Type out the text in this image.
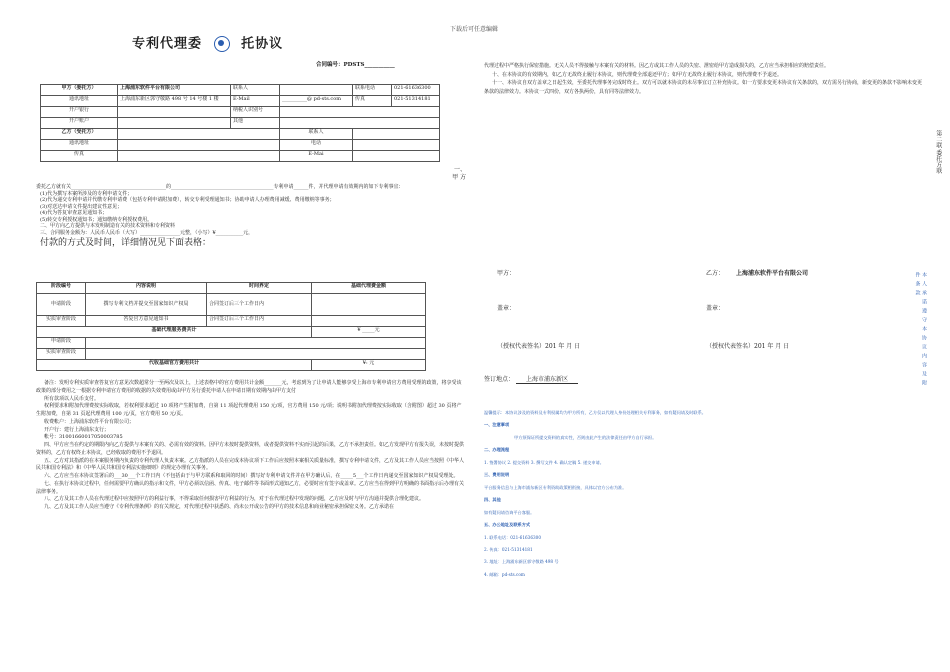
下载后可任意编辑
专利代理委	托协议
合同编号：PDSTS___________
甲方（委托方）	上海浦东软件平台有限公司	联系人		联系电话	021-61636300
通讯地址	上海浦东新区郭守敬路 498 号 14 号楼 1 楼	E-Mail	__________@ pd-sts.com	传真	021-51314181
开户银行		纳税人识别号			
开户账户		其他			
乙方（受托方）			联系人		
通讯地址			电话		
传真			E-Mai		
一、
甲 方
委托乙方就有关______________________________________的_________________________________________专利申请______件，并代理申请有效期内的如下专利事宜：
(1)代为撰写本案所涉及的专利申请文件；
(2)代为递交专利申请并代缴专利申请费（包括专利申请附加费），转交专利受理通知书；协助申请人办理费用减缓、费用缴纳等事务；
(3)对送达申请文件提出建议性意见；
(4)代为答复审查意见通知书；
(5)转交专利授权通知书；通知缴纳专利授权费用。
二、甲方向乙方提供与本发明制造有关的技术资料和专利资料
三、合同服务金额为：人民币人民币（大写）________________元整，（小写）¥___________元，
付款的方式及时间，详细情况见下面表格：
阶段编号	内容说明	时间界定	基础代理费金额
申请阶段	撰写专利文档并提交至国家知识产权局	合同签订后三个工作日内	
实质审查阶段	答复官方意见通知书	合同签订后三个工作日内	
基础代理服务费共计			¥ _____元
申请阶段			
实质审查阶段			
代收基础官方费用共计			¥: 元
备注：发明专利实质审查答复官方意见次数超常分一至两次及以上，上述表格中的官方费用共计金额_______元，考虑到为了让申请人能够享受上海市专利申请官方费用受理的政策，将享受该政策的部分费用之一根据专利申请官方费用的收据的失效费用或由甲方另行委托申请人在申请日期有效期内由甲方支付
所有款项以人民币支付。
权利要求和附加代理费按实际收取，若权利要求超过 10 项将产生附加费，自第 11 项起代理费用 150 元/项，官方费用 150 元/项；说明书附加代理费按实际收取（含附图）超过 30 页将产生附加费，自第 31 页起代理费用 100 元/页，官方费用 50 元/页。
收费帐户：上海浦东软件平台有限公司；
开户行：建行上海浦东支行；
帐号：31001660017050003785
四、甲方应当在约定的期限内向乙方提供与本案有关的、必需有效的资料。因甲方未按时提供资料，或者提供资料不实而引起的后果，乙方不承担责任。如乙方发现甲方有报失误，未按时提供资料的，乙方有权终止本协议，已经收取的费用不予退回。
五、乙方对其指派的在本案服务期内负责的专利代理人负责本案。乙方指派的人员在完成本协议项下工作后应按照本案相关质量标准，撰写专利申请文件，乙方及其工作人员应当按照《中华人民共和国专利法》和《中华人民共和国专利法实施细则》的规定办理有关事务。
六、乙方应当在本协议签署后的___30___个工作日内（不包括由于与甲方联系和取回的时间）撰写好专利申请文件并在甲方确认后，在_____5___个工作日内递交至国家知识产权局受理处。
七、在执行本协议过程中，任何需要甲方确认的指示和文件，甲方必须以信函、传真、电子邮件等书面形式通知乙方，必要时应有签字或盖章。乙方应当在得到甲方明确的书面指示后办理有关法律事务。
八、乙方及其工作人员在代理过程中应按照甲方的利益行事，不得采取任何损害甲方利益的行为，对于在代理过程中发现的问题，乙方应及时与甲方沟通并提供合理化建议。
九、乙方及其工作人员应当遵守《专利代理条例》的有关规定，对代理过程中获悉的、尚未公开或公告的甲方的技术信息和商业秘密承担保密义务。乙方承诺在
代理过程中严格执行保密措施。无关人员不得接触与本案有关的材料。因乙方或其工作人员的失密、泄密给甲方造成损失的，乙方应当承担相应的赔偿责任。
十、在本协议的有效期内，如乙方无故终止履行本协议，则代理费全部退还甲方；如甲方无故终止履行本协议，则代理费不予退还。
十一、本协议自双方盖章之日起生效，至委托代理事务完成时终止。双方可以就本协议的未尽事宜订立补充协议。如一方要求变更本协议有关条款的，双方需另行协商，新变更的条款不影响未变更条款的法律效力。本协议一式四份，双方各执两份，具有同等法律效力。
第二联 委托方联
甲方：	乙方： 上海浦东软件平台有限公司
盖章：	盖章：
（授权代表签名）201 年 月 日	（授权代表签名）201 年 月 日
签订地点： 上海市浦东新区	本人承诺遵守本协议内容及附件条款
温馨提示：本协议涉及的资料及专利权属均为甲方所有，乙方仅以代理人身份处理相关专利事务，如有疑问请及时联系。
一、注意事项
甲方须保证所提交资料的真实性，否则由此产生的法律责任由甲方自行承担。
二、办理流程
1. 签署协议 2. 提交资料 3. 撰写文件 4. 确认定稿 5. 递交申请。
三、费用说明
平台服务信息与上海市浦东新区专利资助政策相衔接，具体以官方公布为准。
四、其他
如有疑问请咨询平台客服。
五、办公地址及联系方式
1. 联系电话：021-61636300
2. 传真：021-51314181
3. 地址：上海浦东新区郭守敬路 498 号
4. 邮箱：pd-sts.com
